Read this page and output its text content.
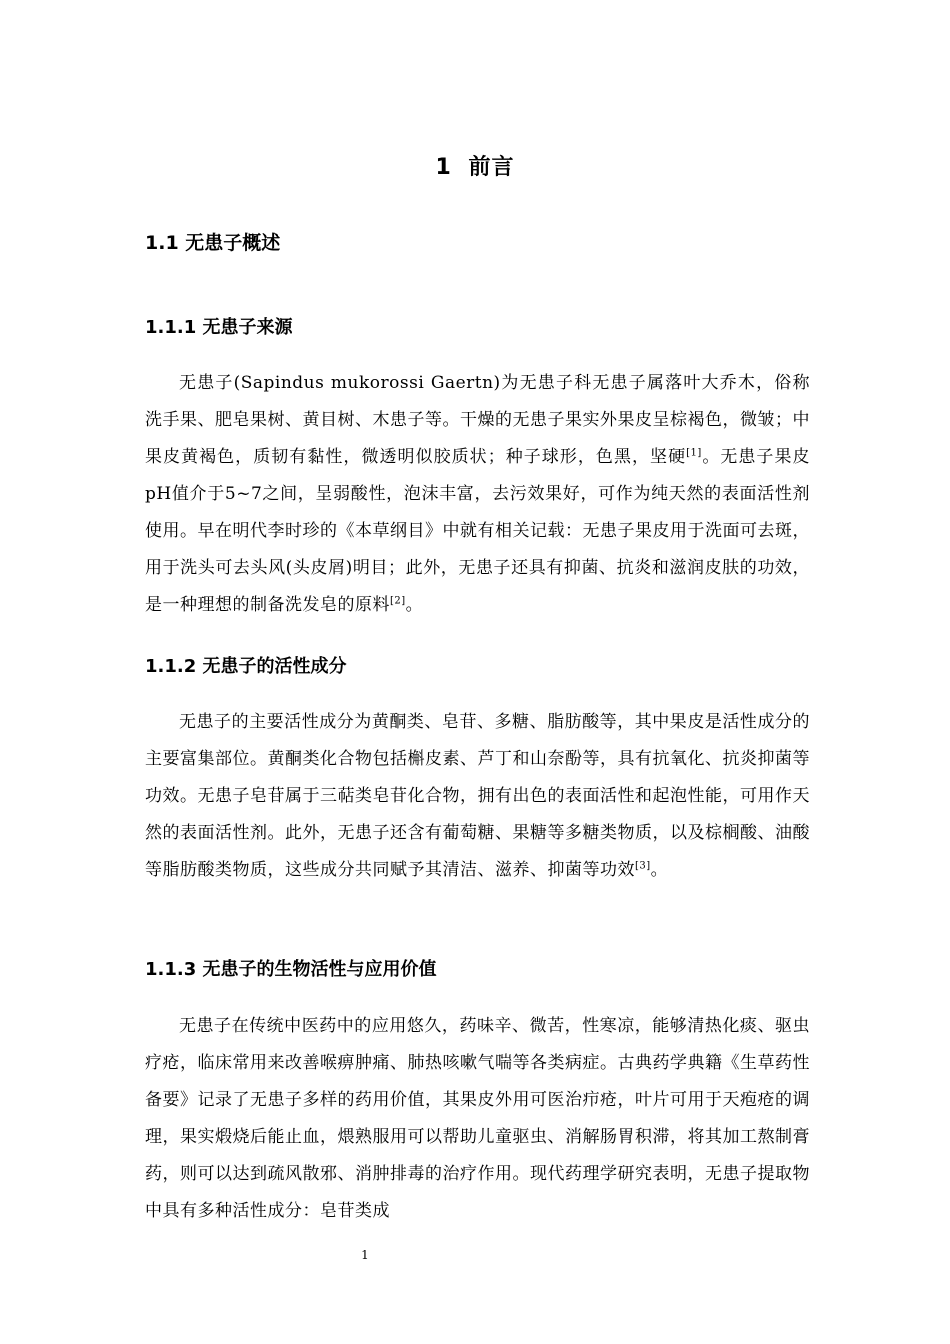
1 前言
1.1 无患子概述
1.1.1 无患子来源
无患子(Sapindus mukorossi Gaertn)为无患子科无患子属落叶大乔木，俗称洗手果、肥皂果树、黄目树、木患子等。干燥的无患子果实外果皮呈棕褐色，微皱；中果皮黄褐色，质韧有黏性，微透明似胶质状；种子球形，色黑，坚硬[1]。无患子果皮pH值介于5~7之间，呈弱酸性，泡沫丰富，去污效果好，可作为纯天然的表面活性剂使用。早在明代李时珍的《本草纲目》中就有相关记载：无患子果皮用于洗面可去斑，用于洗头可去头风(头皮屑)明目；此外，无患子还具有抑菌、抗炎和滋润皮肤的功效，是一种理想的制备洗发皂的原料[2]。
1.1.2 无患子的活性成分
无患子的主要活性成分为黄酮类、皂苷、多糖、脂肪酸等，其中果皮是活性成分的主要富集部位。黄酮类化合物包括槲皮素、芦丁和山奈酚等，具有抗氧化、抗炎抑菌等功效。无患子皂苷属于三萜类皂苷化合物，拥有出色的表面活性和起泡性能，可用作天然的表面活性剂。此外，无患子还含有葡萄糖、果糖等多糖类物质，以及棕榈酸、油酸等脂肪酸类物质，这些成分共同赋予其清洁、滋养、抑菌等功效[3]。
1.1.3 无患子的生物活性与应用价值
无患子在传统中医药中的应用悠久，药味辛、微苦，性寒凉，能够清热化痰、驱虫疗疮，临床常用来改善喉痹肿痛、肺热咳嗽气喘等各类病症。古典药学典籍《生草药性备要》记录了无患子多样的药用价值，其果皮外用可医治疖疮，叶片可用于天疱疮的调理，果实煅烧后能止血，煨熟服用可以帮助儿童驱虫、消解肠胃积滞，将其加工熬制膏药，则可以达到疏风散邪、消肿排毒的治疗作用。现代药理学研究表明，无患子提取物中具有多种活性成分：皂苷类成
1
